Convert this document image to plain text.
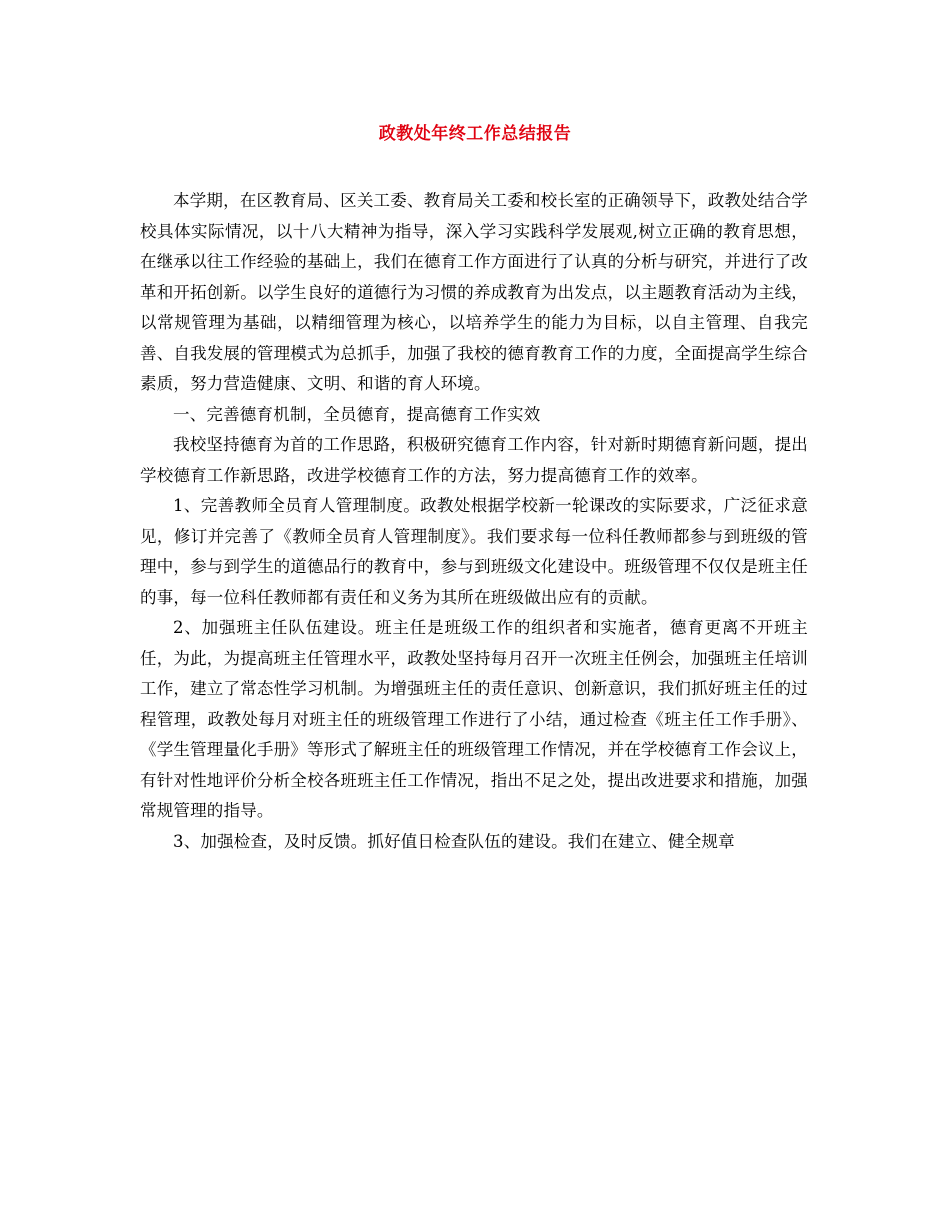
政教处年终工作总结报告

本学期，在区教育局、区关工委、教育局关工委和校长室的正确领导下，政教处结合学校具体实际情况，以十八大精神为指导，深入学习实践科学发展观,树立正确的教育思想，在继承以往工作经验的基础上，我们在德育工作方面进行了认真的分析与研究，并进行了改革和开拓创新。以学生良好的道德行为习惯的养成教育为出发点，以主题教育活动为主线，以常规管理为基础，以精细管理为核心，以培养学生的能力为目标，以自主管理、自我完善、自我发展的管理模式为总抓手，加强了我校的德育教育工作的力度，全面提高学生综合素质，努力营造健康、文明、和谐的育人环境。

一、完善德育机制，全员德育，提高德育工作实效

我校坚持德育为首的工作思路，积极研究德育工作内容，针对新时期德育新问题，提出学校德育工作新思路，改进学校德育工作的方法，努力提高德育工作的效率。

1、完善教师全员育人管理制度。政教处根据学校新一轮课改的实际要求，广泛征求意见，修订并完善了《教师全员育人管理制度》。我们要求每一位科任教师都参与到班级的管理中，参与到学生的道德品行的教育中，参与到班级文化建设中。班级管理不仅仅是班主任的事，每一位科任教师都有责任和义务为其所在班级做出应有的贡献。

2、加强班主任队伍建设。班主任是班级工作的组织者和实施者，德育更离不开班主任，为此，为提高班主任管理水平，政教处坚持每月召开一次班主任例会，加强班主任培训工作，建立了常态性学习机制。为增强班主任的责任意识、创新意识，我们抓好班主任的过程管理，政教处每月对班主任的班级管理工作进行了小结，通过检查《班主任工作手册》、《学生管理量化手册》等形式了解班主任的班级管理工作情况，并在学校德育工作会议上，有针对性地评价分析全校各班班主任工作情况，指出不足之处，提出改进要求和措施，加强常规管理的指导。

3、加强检查，及时反馈。抓好值日检查队伍的建设。我们在建立、健全规章
